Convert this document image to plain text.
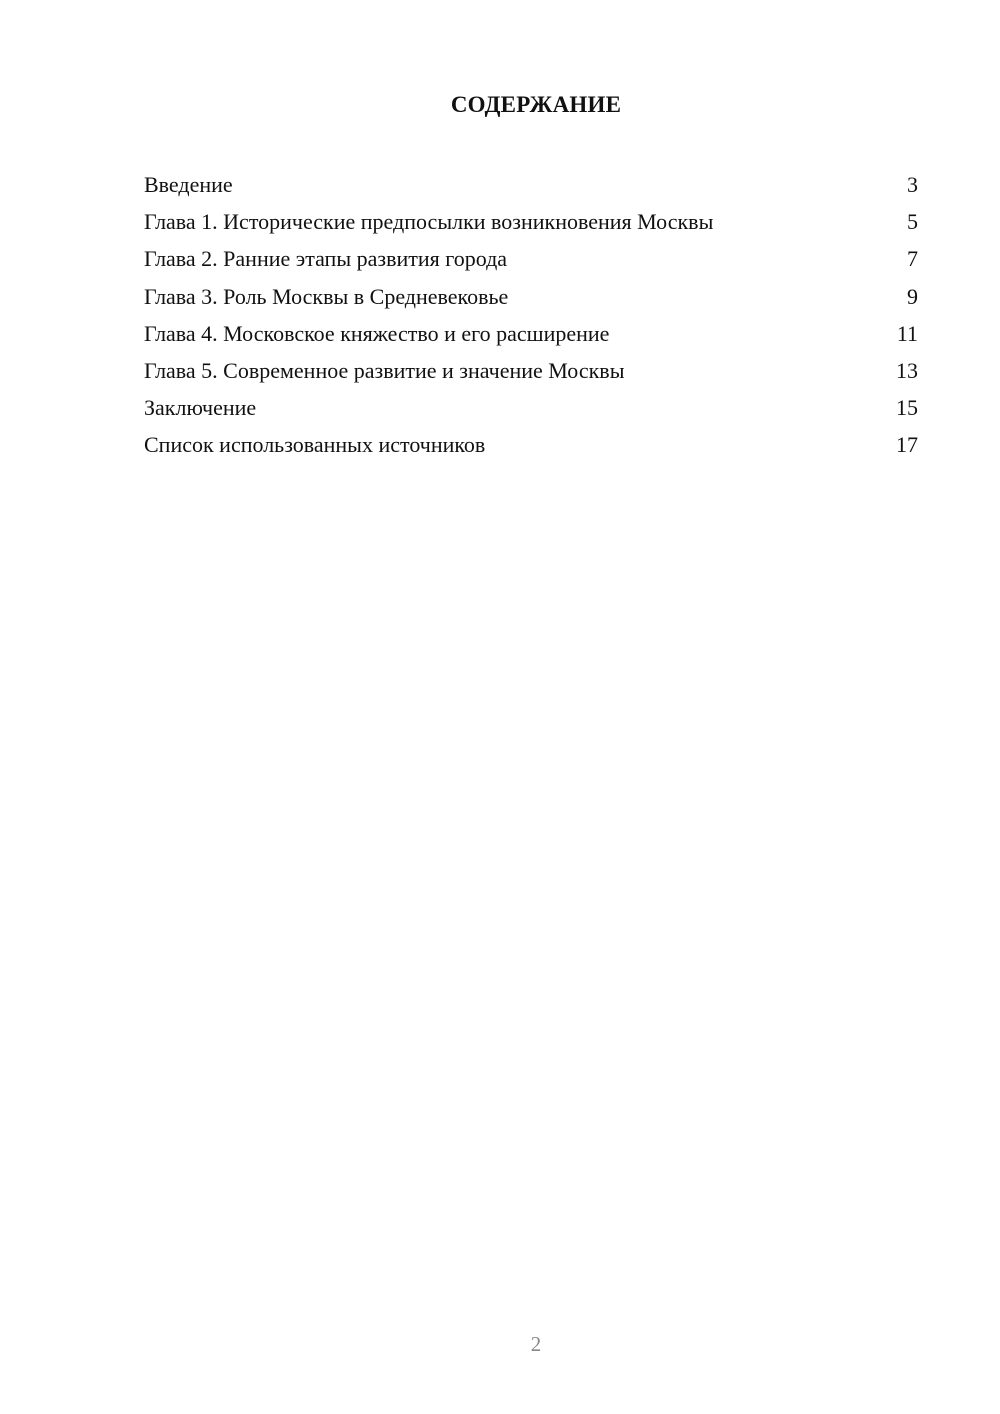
СОДЕРЖАНИЕ
Введение	3
Глава 1. Исторические предпосылки возникновения Москвы	5
Глава 2. Ранние этапы развития города	7
Глава 3. Роль Москвы в Средневековье	9
Глава 4. Московское княжество и его расширение	11
Глава 5. Современное развитие и значение Москвы	13
Заключение	15
Список использованных источников	17
2
